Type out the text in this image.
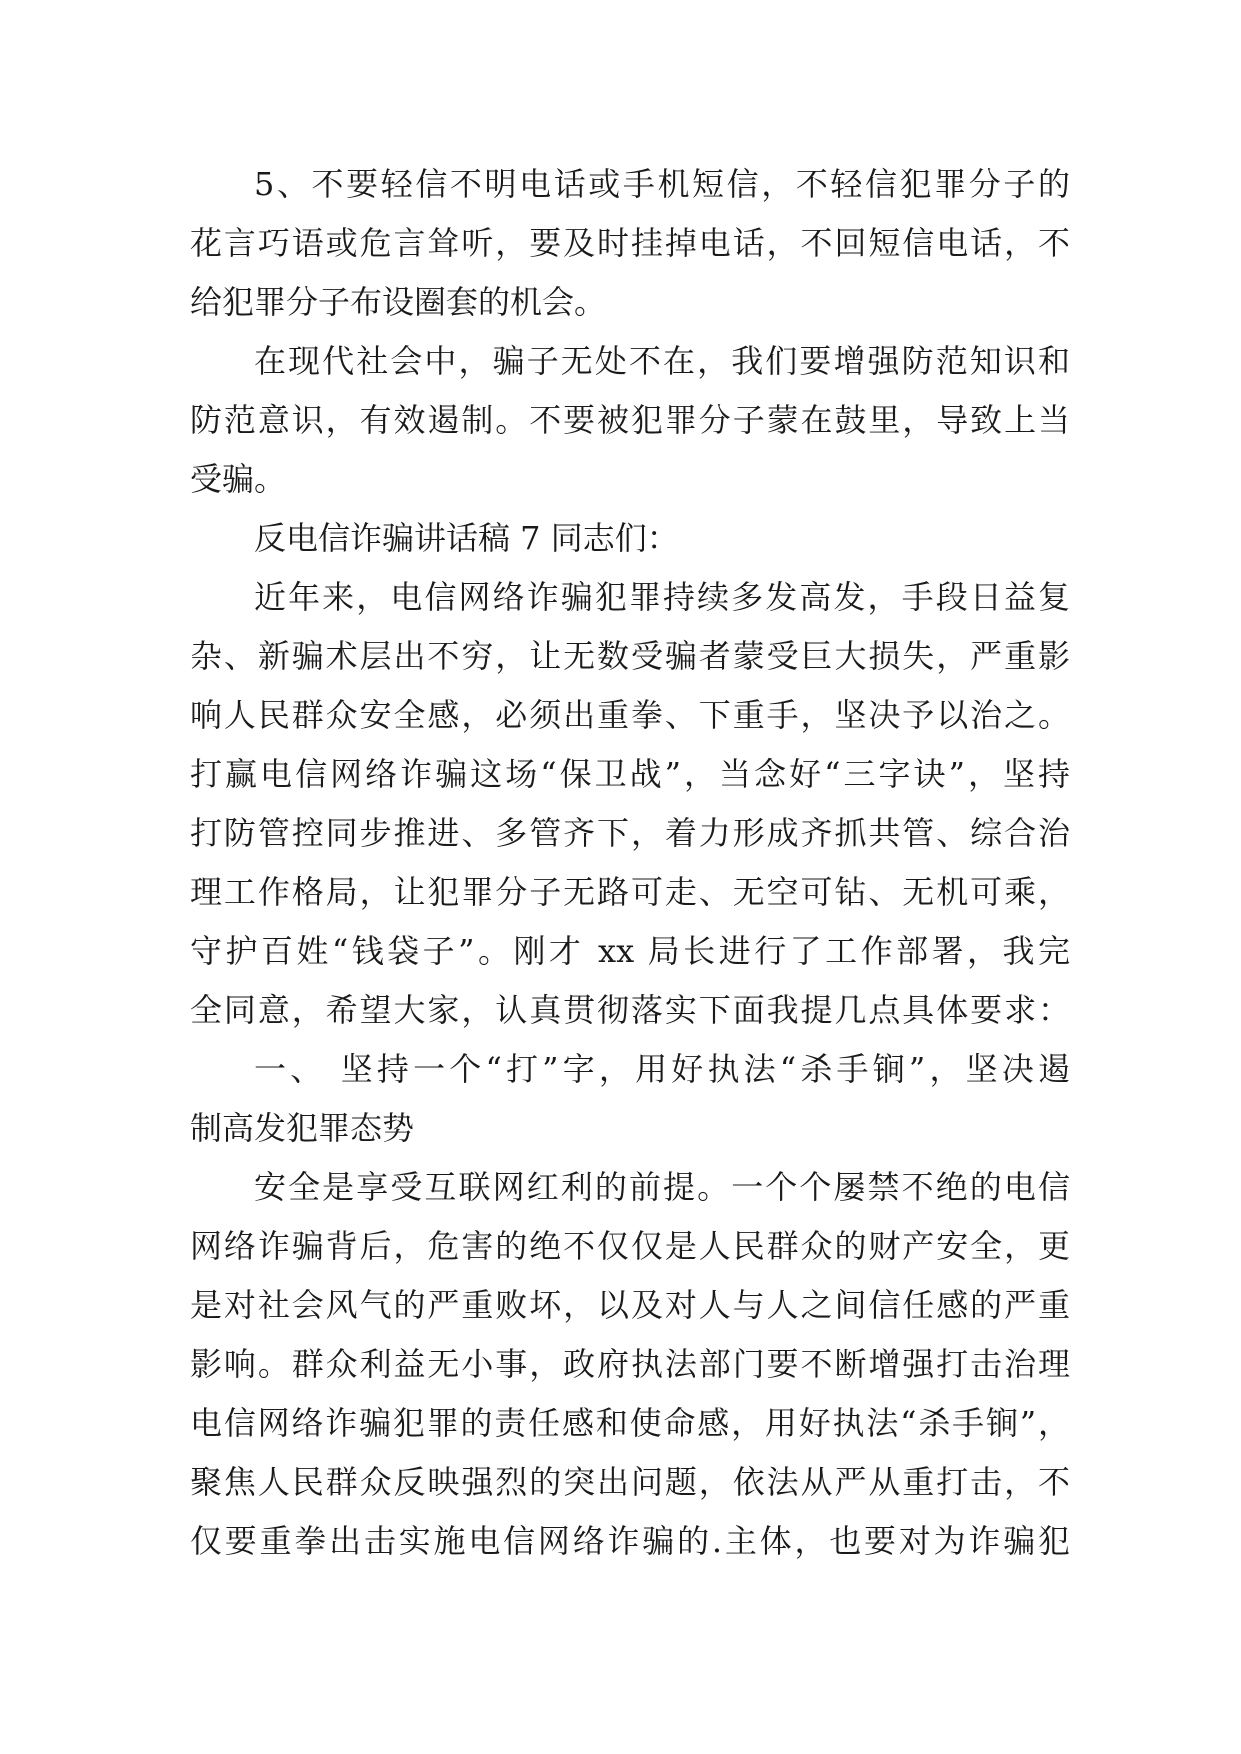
5、不要轻信不明电话或手机短信，不轻信犯罪分子的
花言巧语或危言耸听，要及时挂掉电话，不回短信电话，不
给犯罪分子布设圈套的机会。
在现代社会中，骗子无处不在，我们要增强防范知识和
防范意识，有效遏制。不要被犯罪分子蒙在鼓里，导致上当
受骗。
反电信诈骗讲话稿 7 同志们：
近年来，电信网络诈骗犯罪持续多发高发，手段日益复
杂、新骗术层出不穷，让无数受骗者蒙受巨大损失，严重影
响人民群众安全感，必须出重拳、下重手，坚决予以治之。
打赢电信网络诈骗这场“保卫战”，当念好“三字诀”，坚持
打防管控同步推进、多管齐下，着力形成齐抓共管、综合治
理工作格局，让犯罪分子无路可走、无空可钻、无机可乘，
守护百姓“钱袋子”。刚才 xx 局长进行了工作部署，我完
全同意，希望大家，认真贯彻落实下面我提几点具体要求：
一、 坚持一个“打”字，用好执法“杀手锏”，坚决遏
制高发犯罪态势
安全是享受互联网红利的前提。一个个屡禁不绝的电信
网络诈骗背后，危害的绝不仅仅是人民群众的财产安全，更
是对社会风气的严重败坏，以及对人与人之间信任感的严重
影响。群众利益无小事，政府执法部门要不断增强打击治理
电信网络诈骗犯罪的责任感和使命感，用好执法“杀手锏”，
聚焦人民群众反映强烈的突出问题，依法从严从重打击，不
仅要重拳出击实施电信网络诈骗的.主体，也要对为诈骗犯
